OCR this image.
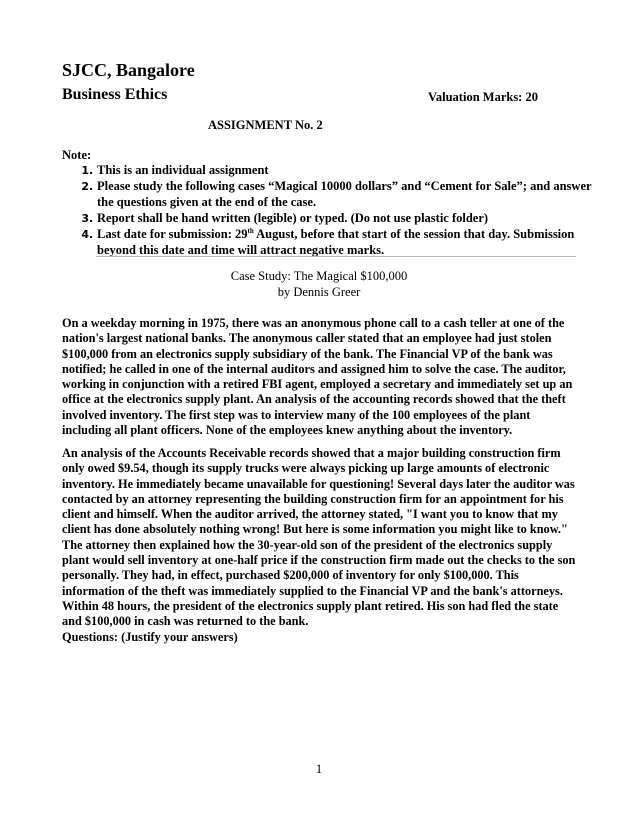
SJCC, Bangalore
Business Ethics	Valuation Marks: 20
ASSIGNMENT No. 2
Note:
1. This is an individual assignment
2. Please study the following cases “Magical 10000 dollars” and “Cement for Sale”; and answer the questions given at the end of the case.
3. Report shall be hand written (legible) or typed. (Do not use plastic folder)
4. Last date for submission: 29th August, before that start of the session that day. Submission beyond this date and time will attract negative marks.
Case Study: The Magical $100,000
by Dennis Greer

On a weekday morning in 1975, there was an anonymous phone call to a cash teller at one of the nation's largest national banks. The anonymous caller stated that an employee had just stolen $100,000 from an electronics supply subsidiary of the bank. The Financial VP of the bank was notified; he called in one of the internal auditors and assigned him to solve the case. The auditor, working in conjunction with a retired FBI agent, employed a secretary and immediately set up an office at the electronics supply plant. An analysis of the accounting records showed that the theft involved inventory. The first step was to interview many of the 100 employees of the plant including all plant officers. None of the employees knew anything about the inventory.

An analysis of the Accounts Receivable records showed that a major building construction firm only owed $9.54, though its supply trucks were always picking up large amounts of electronic inventory. He immediately became unavailable for questioning! Several days later the auditor was contacted by an attorney representing the building construction firm for an appointment for his client and himself. When the auditor arrived, the attorney stated, "I want you to know that my client has done absolutely nothing wrong! But here is some information you might like to know." The attorney then explained how the 30-year-old son of the president of the electronics supply plant would sell inventory at one-half price if the construction firm made out the checks to the son personally. They had, in effect, purchased $200,000 of inventory for only $100,000. This information of the theft was immediately supplied to the Financial VP and the bank's attorneys. Within 48 hours, the president of the electronics supply plant retired. His son had fled the state and $100,000 in cash was returned to the bank.
Questions: (Justify your answers)
1
